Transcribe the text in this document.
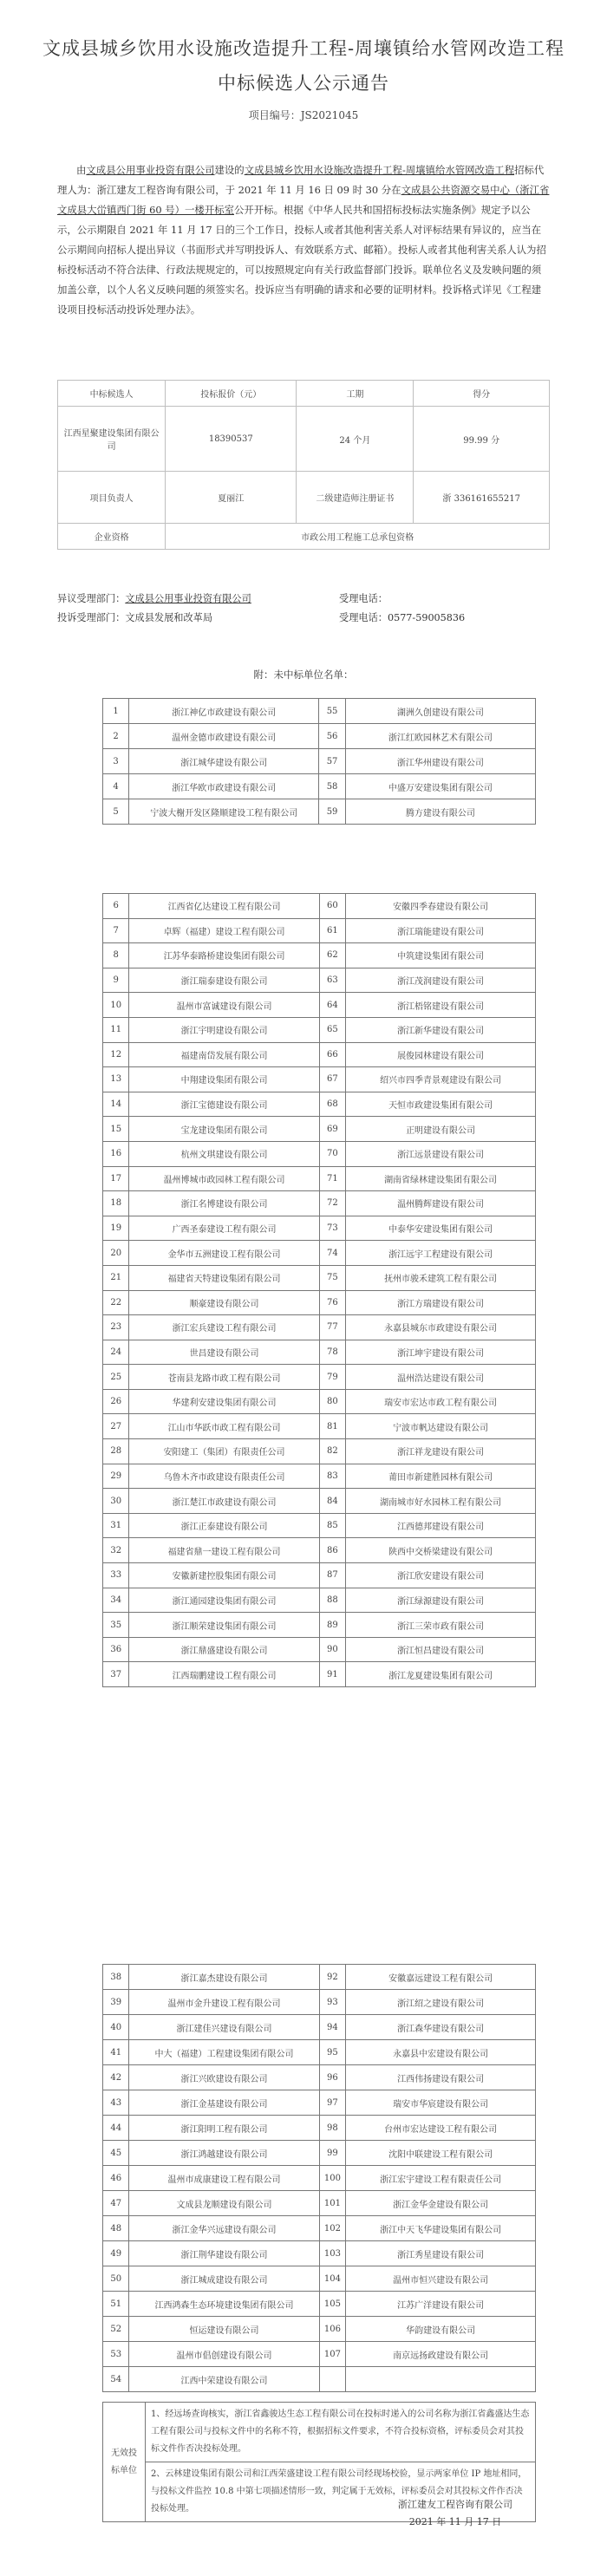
文成县城乡饮用水设施改造提升工程-周壤镇给水管网改造工程
中标候选人公示通告
项目编号：JS2021045
由文成县公用事业投资有限公司建设的文成县城乡饮用水设施改造提升工程-周壤镇给水管网改造工程招标代理人为：浙江建友工程咨询有限公司，于 2021 年 11 月 16 日 09 时 30 分在文成县公共资源交易中心（浙江省文成县大峃镇西门街 60 号）一楼开标室公开开标。根据《中华人民共和国招标投标法实施条例》规定予以公示，公示期限自 2021 年 11 月 17 日的三个工作日，投标人或者其他利害关系人对评标结果有异议的，应当在公示期间向招标人提出异议（书面形式并写明投诉人、有效联系方式、邮箱）。投标人或者其他利害关系人认为招标投标活动不符合法律、行政法规规定的，可以按照规定向有关行政监督部门投诉。联单位名义及发映问题的须加盖公章，以个人名义反映问题的须签实名。投诉应当有明确的请求和必要的证明材料。投诉格式详见《工程建设项目投标活动投诉处理办法》。
中标候选人	投标报价（元）	工期	得分
江西星聚建设集团有限公司	18390537	24 个月	99.99 分
项目负责人	夏丽江	二级建造师注册证书	浙 336161655217
企业资格	市政公用工程施工总承包资格		
异议受理部门：文成县公用事业投资有限公司	受理电话：
投诉受理部门：文成县发展和改革局	受理电话：0577-59005836
附：未中标单位名单：
1	浙江神亿市政建设有限公司	55	湖洲久创建设有限公司
2	温州金德市政建设有限公司	56	浙江红欧园林艺术有限公司
3	浙江城华建设有限公司	57	浙江华州建设有限公司
4	浙江华欧市政建设有限公司	58	中盛万安建设集团有限公司
5	宁波大榭开发区隆顺建设工程有限公司	59	腾方建设有限公司
6	江西省亿达建设工程有限公司	60	安徽四季春建设有限公司
7	卓辉（福建）建设工程有限公司	61	浙江瑞能建设有限公司
8	江苏华泰路桥建设集团有限公司	62	中筑建设集团有限公司
9	浙江瑞泰建设有限公司	63	浙江茂润建设有限公司
10	温州市富诚建设有限公司	64	浙江梧铭建设有限公司
11	浙江宇明建设有限公司	65	浙江新华建设有限公司
12	福建南岱发展有限公司	66	展俊园林建设有限公司
13	中翔建设集团有限公司	67	绍兴市四季青景观建设有限公司
14	浙江宝德建设有限公司	68	天恒市政建设集团有限公司
15	宝龙建设集团有限公司	69	正明建设有限公司
16	杭州文琪建设有限公司	70	浙江远景建设有限公司
17	温州博城市政园林工程有限公司	71	湖南省绿林建设集团有限公司
18	浙江名博建设有限公司	72	温州腾辉建设有限公司
19	广西圣泰建设工程有限公司	73	中泰华安建设集团有限公司
20	金华市五洲建设工程有限公司	74	浙江远宇工程建设有限公司
21	福建省天特建设集团有限公司	75	抚州市骏禾建筑工程有限公司
22	顺豪建设有限公司	76	浙江方瑞建设有限公司
23	浙江宏兵建设工程有限公司	77	永嘉县城东市政建设有限公司
24	世昌建设有限公司	78	浙江坤宇建设有限公司
25	苍南县龙路市政工程有限公司	79	温州浩达建设有限公司
26	华建利安建设集团有限公司	80	瑞安市宏达市政工程有限公司
27	江山市华跃市政工程有限公司	81	宁波市帆达建设有限公司
28	安阳建工（集团）有限责任公司	82	浙江祥龙建设有限公司
29	乌鲁木齐市政建设有限责任公司	83	莆田市新建胜园林有限公司
30	浙江楚江市政建设有限公司	84	湖南城市好水园林工程有限公司
31	浙江正泰建设有限公司	85	江西德邦建设有限公司
32	福建省鼎一建设工程有限公司	86	陕西中交桥梁建设有限公司
33	安徽新建控股集团有限公司	87	浙江欣安建设有限公司
34	浙江通园建设集团有限公司	88	浙江绿源建设有限公司
35	浙江顺荣建设集团有限公司	89	浙江三荣市政有限公司
36	浙江鼎盛建设有限公司	90	浙江恒昌建设有限公司
37	江西瑞鹏建设工程有限公司	91	浙江龙夏建设集团有限公司
38	浙江嘉杰建设有限公司	92	安徽嘉远建设工程有限公司
39	温州市金升建设工程有限公司	93	浙江绍之建设有限公司
40	浙江建佳兴建设有限公司	94	浙江森华建设有限公司
41	中大（福建）工程建设集团有限公司	95	永嘉县中宏建设有限公司
42	浙江兴欧建设有限公司	96	江西伟扬建设有限公司
43	浙江金基建设有限公司	97	瑞安市华宸建设有限公司
44	浙江阳明工程有限公司	98	台州市宏达建设工程有限公司
45	浙江鸿越建设有限公司	99	沈阳中联建设工程有限公司
46	温州市成康建设工程有限公司	100	浙江宏宇建设工程有限责任公司
47	文成县龙顺建设有限公司	101	浙江金华金建设有限公司
48	浙江金华兴远建设有限公司	102	浙江中天飞华建设集团有限公司
49	浙江荆华建设有限公司	103	浙江秀星建设有限公司
50	浙江城成建设有限公司	104	温州市恒兴建设有限公司
51	江西鸿森生态环境建设集团有限公司	105	江苏广洋建设有限公司
52	恒运建设有限公司	106	华韵建设有限公司
53	温州市倡创建设有限公司	107	南京远扬政建设有限公司
54	江西中荣建设有限公司		
无效投标单位	1、经远场查询核实，浙江省鑫骏达生态工程有限公司在投标时递入的公司名称为浙江省鑫盛达生态工程有限公司与投标文件中的名称不符，根据招标文件要求，不符合投标资格，评标委员会对其投标文件作否决投标处理。
2、云林建设集团有限公司和江西荣盛建设工程有限公司经现场校验，显示两家单位 IP 地址相同，与投标文件监控 10.8 中第七项描述情形一致，判定属于无效标，评标委员会对其投标文件作否决投标处理。	浙江建友工程咨询有限公司
2021 年 11 月 17 日
